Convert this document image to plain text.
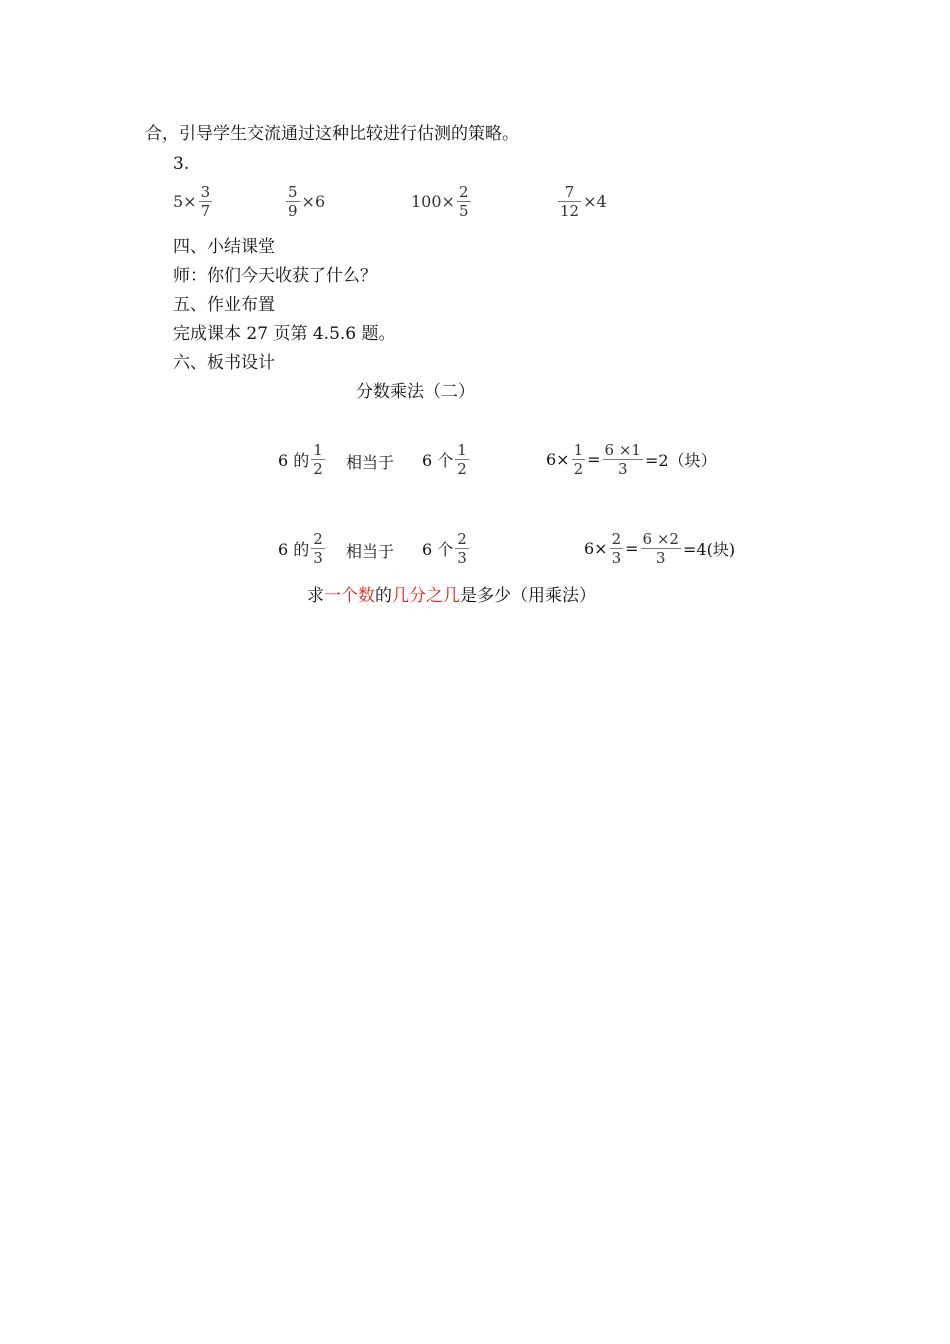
合，引导学生交流通过这种比较进行估测的策略。
3.
$5\times \frac{3}{7}$	$\frac{5}{9} \times 6$	$100\times \frac{2}{5}$	$\frac{7}{12} \times 4$
四、小结课堂
师：你们今天收获了什么？
五、作业布置
完成课本 27 页第 4.5.6 题。
六、板书设计
分数乘法（二）
6 的 $\frac{1}{2}$ 相当于 6 个 $\frac{1}{2}$	$6\times \frac{1}{2} = \frac{6 \times 1}{3} =2$（块）
6 的 $\frac{2}{3}$ 相当于 6 个 $\frac{2}{3}$	$6\times \frac{2}{3} = \frac{6 \times 2}{3} =4$(块)
求一个数的几分之几是多少（用乘法）
